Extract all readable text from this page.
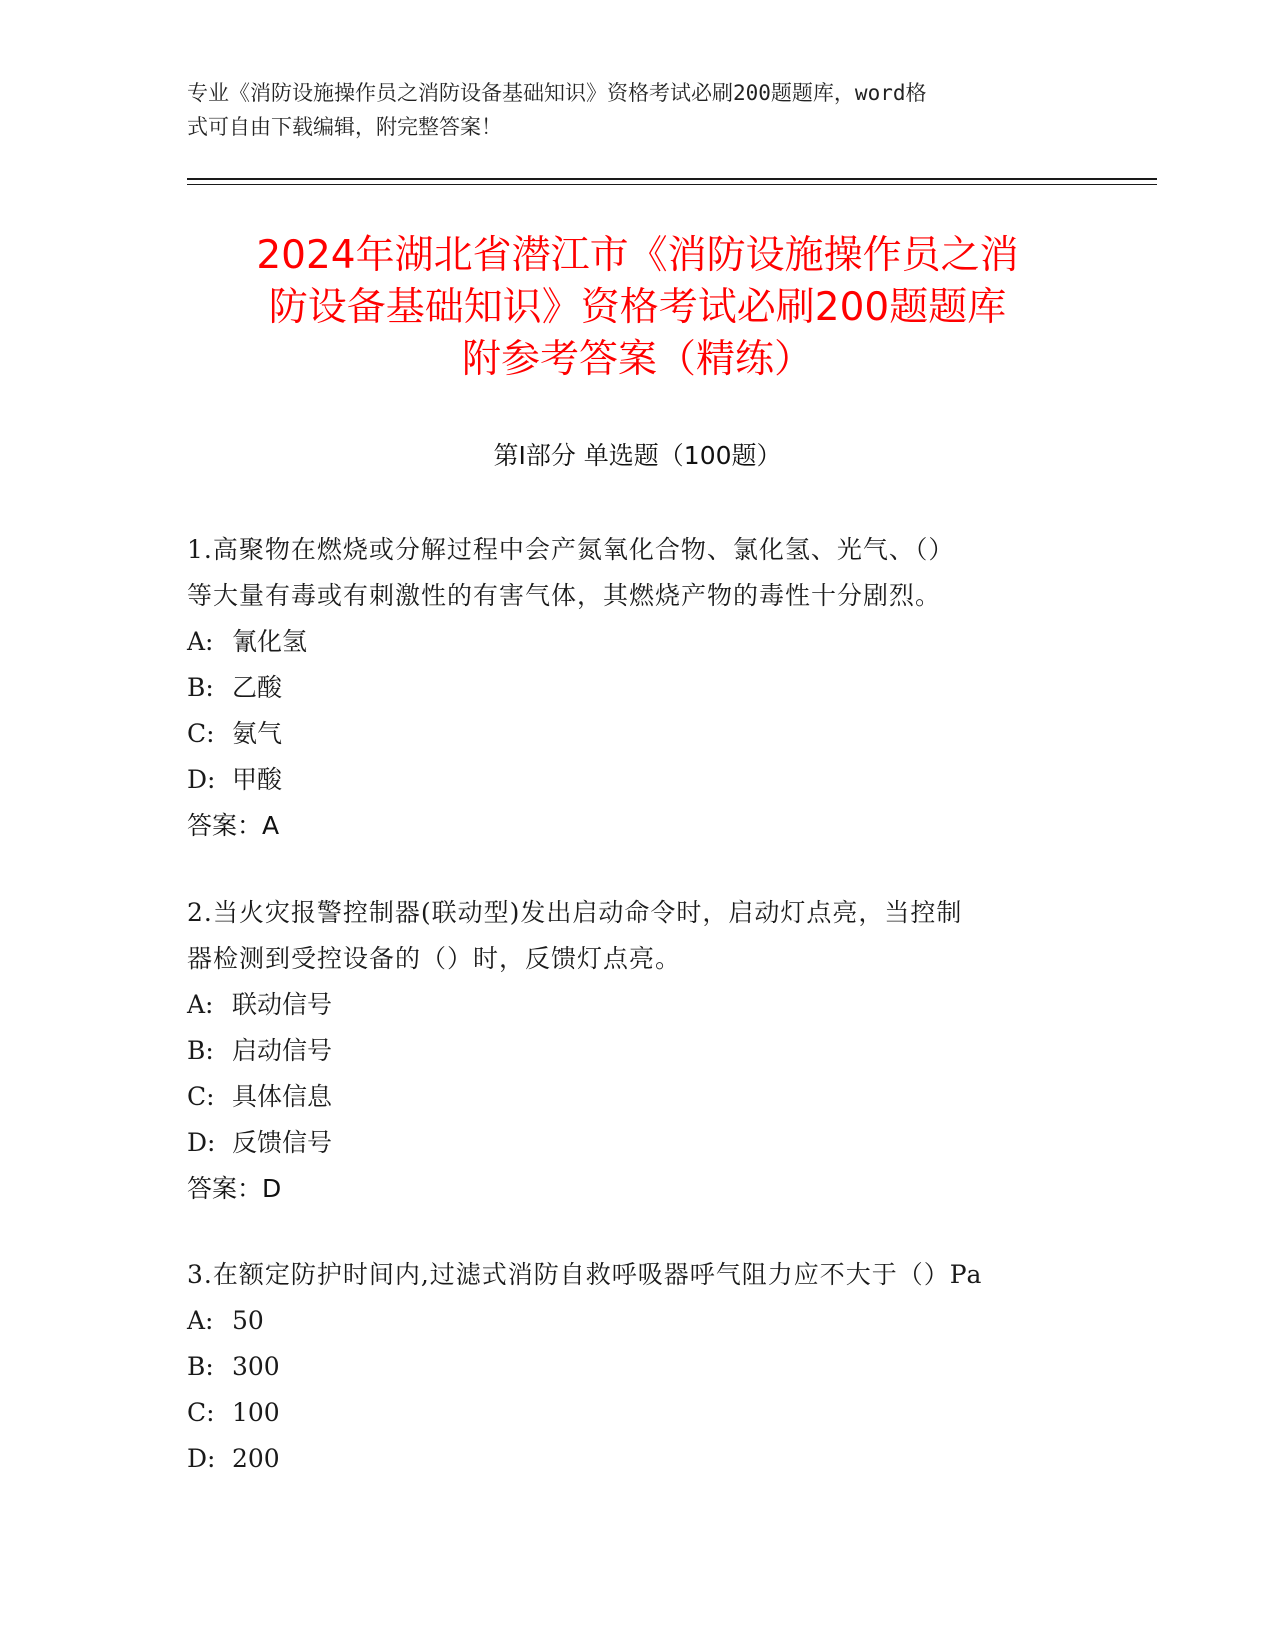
专业《消防设施操作员之消防设备基础知识》资格考试必刷200题题库，word格
式可自由下载编辑，附完整答案！
2024年湖北省潜江市《消防设施操作员之消
防设备基础知识》资格考试必刷200题题库
附参考答案（精练）
第Ⅰ部分 单选题（100题）
1.高聚物在燃烧或分解过程中会产氮氧化合物、氯化氢、光气、（）
等大量有毒或有刺激性的有害气体，其燃烧产物的毒性十分剧烈。
A: 氰化氢
B: 乙酸
C: 氨气
D: 甲酸
答案：A
2.当火灾报警控制器(联动型)发出启动命令时，启动灯点亮，当控制
器检测到受控设备的（）时，反馈灯点亮。
A: 联动信号
B: 启动信号
C: 具体信息
D: 反馈信号
答案：D
3.在额定防护时间内,过滤式消防自救呼吸器呼气阻力应不大于（）Pa
A: 50
B: 300
C: 100
D: 200
